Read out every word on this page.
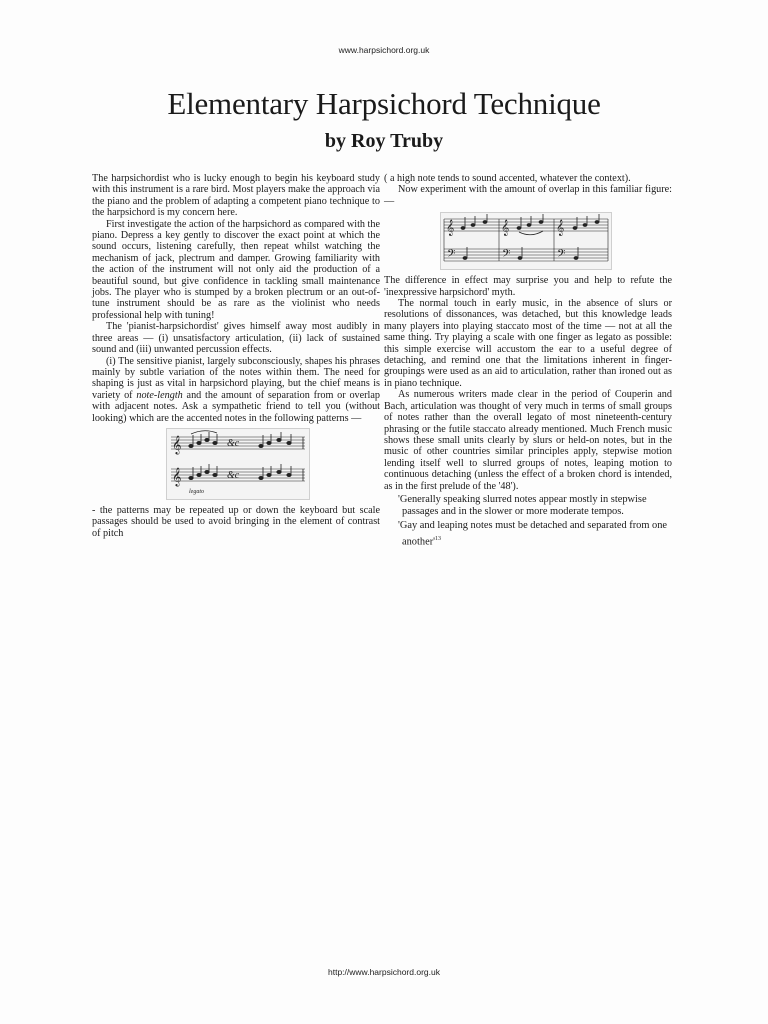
www.harpsichord.org.uk
Elementary Harpsichord Technique
by Roy Truby

The harpsichordist who is lucky enough to begin his keyboard study with this instrument is a rare bird. Most players make the approach via the piano and the problem of adapting a competent piano technique to the harpsichord is my concern here.

First investigate the action of the harpsichord as compared with the piano. Depress a key gently to discover the exact point at which the sound occurs, listening carefully, then repeat whilst watching the mechanism of jack, plectrum and damper. Growing familiarity with the action of the instrument will not only aid the production of a beautiful sound, but give confidence in tackling small maintenance jobs. The player who is stumped by a broken plectrum or an out-of-tune instrument should be as rare as the violinist who needs professional help with tuning!

The 'pianist-harpsichordist' gives himself away most audibly in three areas — (i) unsatisfactory articulation, (ii) lack of sustained sound and (iii) unwanted percussion effects.

(i) The sensitive pianist, largely subconsciously, shapes his phrases mainly by subtle variation of the notes within them. The need for shaping is just as vital in harpsichord playing, but the chief means is variety of note-length and the amount of separation from or overlap with adjacent notes. Ask a sympathetic friend to tell you (without looking) which are the accented notes in the following patterns —

𝄞
𝄞
&c
&c
legato

- the patterns may be repeated up or down the keyboard but scale passages should be used to avoid bringing in the element of contrast of pitch

( a high note tends to sound accented, whatever the context).

Now experiment with the amount of overlap in this familiar figure: —

𝄞	𝄞	𝄞
𝄢	𝄢	𝄢

The difference in effect may surprise you and help to refute the 'inexpressive harpsichord' myth.

The normal touch in early music, in the absence of slurs or resolutions of dissonances, was detached, but this knowledge leads many players into playing staccato most of the time — not at all the same thing. Try playing a scale with one finger as legato as possible: this simple exercise will accustom the ear to a useful degree of detaching, and remind one that the limitations inherent in finger-groupings were used as an aid to articulation, rather than ironed out as in piano technique.

As numerous writers made clear in the period of Couperin and Bach, articulation was thought of very much in terms of small groups of notes rather than the overall legato of most nineteenth-century phrasing or the futile staccato already mentioned. Much French music shows these small units clearly by slurs or held-on notes, but in the music of other countries similar principles apply, stepwise motion lending itself well to slurred groups of notes, leaping motion to continuous detaching (unless the effect of a broken chord is intended, as in the first prelude of the '48').

'Generally speaking slurred notes appear mostly in stepwise passages and in the slower or more moderate tempos.

'Gay and leaping notes must be detached and separated from one $another'^{13}$

http://www.harpsichord.org.uk
